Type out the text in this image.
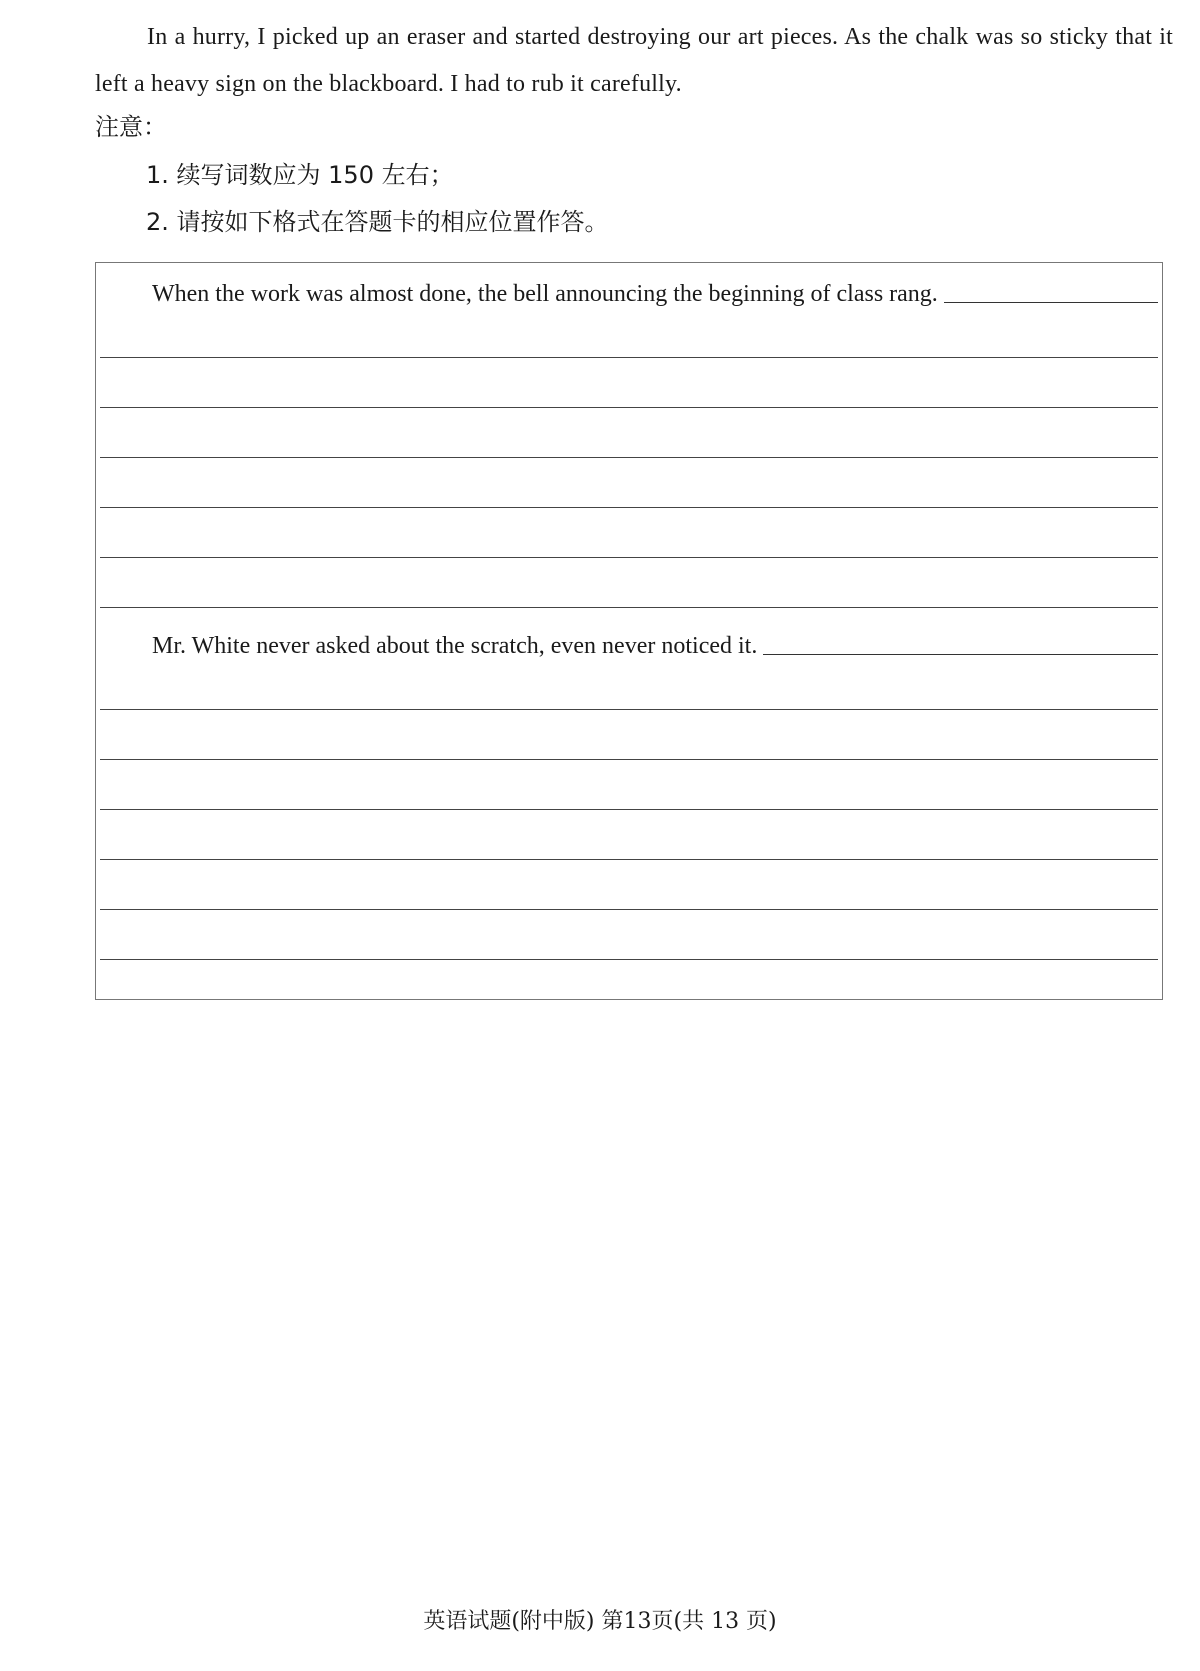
In a hurry, I picked up an eraser and started destroying our art pieces. As the chalk was so sticky that it left a heavy sign on the blackboard. I had to rub it carefully.
注意：
1. 续写词数应为 150 左右；
2. 请按如下格式在答题卡的相应位置作答。
When the work was almost done, the bell announcing the beginning of class rang.
Mr. White never asked about the scratch, even never noticed it.
英语试题(附中版) 第13页(共 13 页)
